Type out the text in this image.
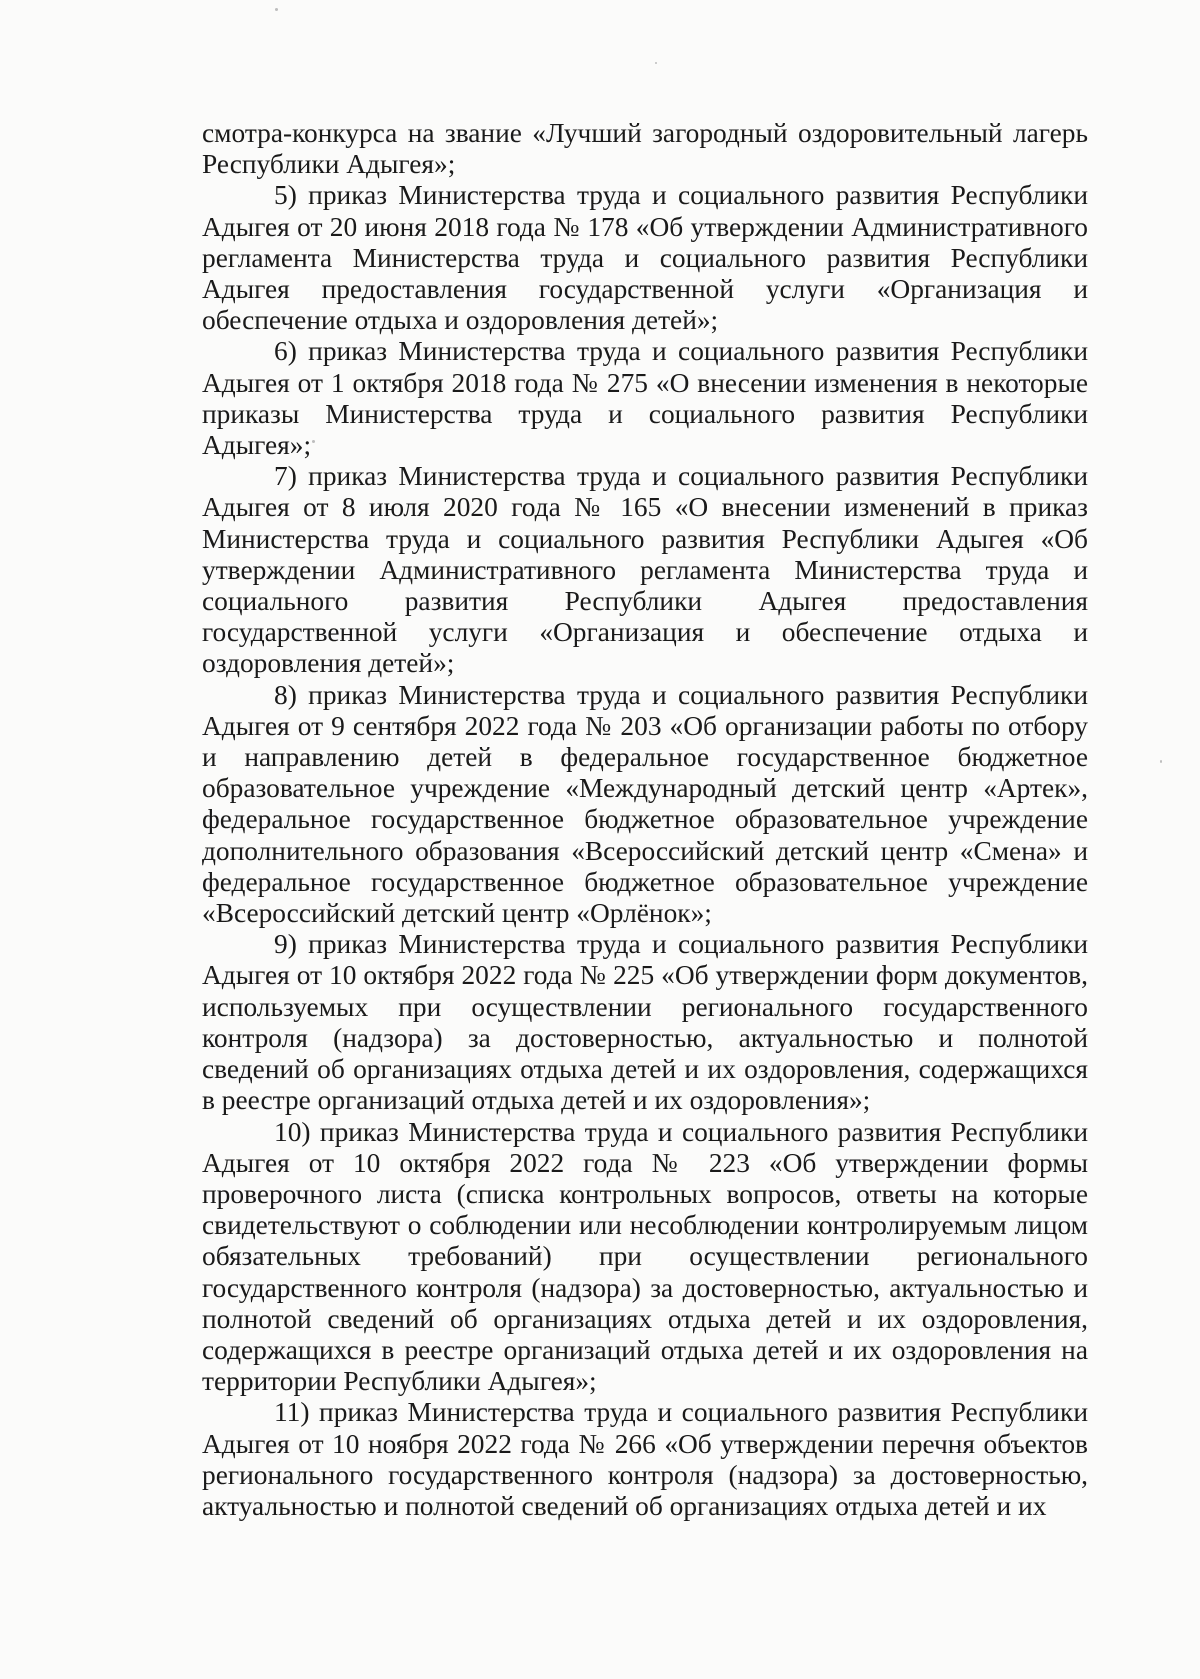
смотра-конкурса на звание «Лучший загородный оздоровительный лагерь Республики Адыгея»;

5) приказ Министерства труда и социального развития Республики Адыгея от 20 июня 2018 года № 178 «Об утверждении Административного регламента Министерства труда и социального развития Республики Адыгея предоставления государственной услуги «Организация и обеспечение отдыха и оздоровления детей»;

6) приказ Министерства труда и социального развития Республики Адыгея от 1 октября 2018 года № 275 «О внесении изменения в некоторые приказы Министерства труда и социального развития Республики Адыгея»;

7) приказ Министерства труда и социального развития Республики Адыгея от 8 июля 2020 года № 165 «О внесении изменений в приказ Министерства труда и социального развития Республики Адыгея «Об утверждении Административного регламента Министерства труда и социального развития Республики Адыгея предоставления государственной услуги «Организация и обеспечение отдыха и оздоровления детей»;

8) приказ Министерства труда и социального развития Республики Адыгея от 9 сентября 2022 года № 203 «Об организации работы по отбору и направлению детей в федеральное государственное бюджетное образовательное учреждение «Международный детский центр «Артек», федеральное государственное бюджетное образовательное учреждение дополнительного образования «Всероссийский детский центр «Смена» и федеральное государственное бюджетное образовательное учреждение «Всероссийский детский центр «Орлёнок»;

9) приказ Министерства труда и социального развития Республики Адыгея от 10 октября 2022 года № 225 «Об утверждении форм документов, используемых при осуществлении регионального государственного контроля (надзора) за достоверностью, актуальностью и полнотой сведений об организациях отдыха детей и их оздоровления, содержащихся в реестре организаций отдыха детей и их оздоровления»;

10) приказ Министерства труда и социального развития Республики Адыгея от 10 октября 2022 года № 223 «Об утверждении формы проверочного листа (списка контрольных вопросов, ответы на которые свидетельствуют о соблюдении или несоблюдении контролируемым лицом обязательных требований) при осуществлении регионального государственного контроля (надзора) за достоверностью, актуальностью и полнотой сведений об организациях отдыха детей и их оздоровления, содержащихся в реестре организаций отдыха детей и их оздоровления на территории Республики Адыгея»;

11) приказ Министерства труда и социального развития Республики Адыгея от 10 ноября 2022 года № 266 «Об утверждении перечня объектов регионального государственного контроля (надзора) за достоверностью, актуальностью и полнотой сведений об организациях отдыха детей и их
